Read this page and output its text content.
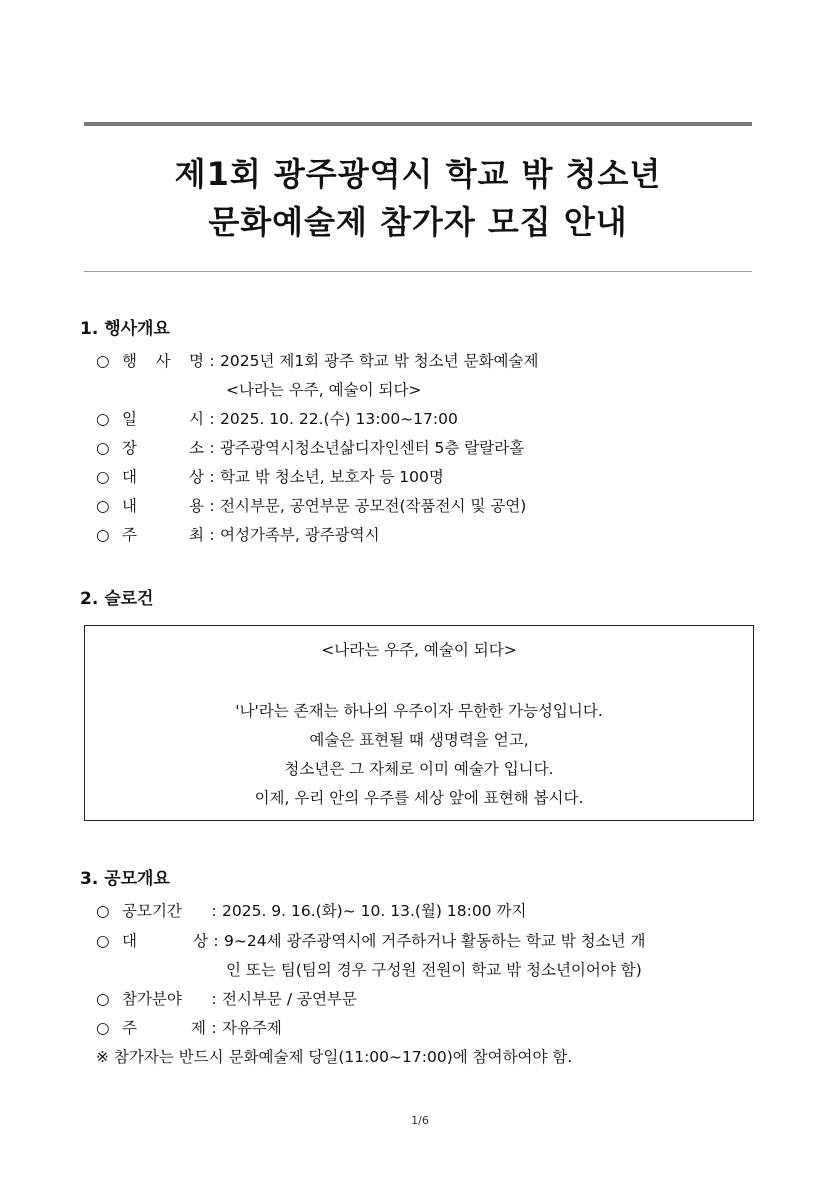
제1회 광주광역시 학교 밖 청소년
문화예술제 참가자 모집 안내
1. 행사개요
○ 행 사 명 : 2025년 제1회 광주 학교 밖 청소년 문화예술제
<나라는 우주, 예술이 되다>
○ 일 시 : 2025. 10. 22.(수) 13:00~17:00
○ 장 소 : 광주광역시청소년삶디자인센터 5층 랄랄라홀
○ 대 상 : 학교 밖 청소년, 보호자 등 100명
○ 내 용 : 전시부문, 공연부문 공모전(작품전시 및 공연)
○ 주 최 : 여성가족부, 광주광역시
2. 슬로건
<나라는 우주, 예술이 되다>
'나'라는 존재는 하나의 우주이자 무한한 가능성입니다.
예술은 표현될 때 생명력을 얻고,
청소년은 그 자체로 이미 예술가 입니다.
이제, 우리 안의 우주를 세상 앞에 표현해 봅시다.
3. 공모개요
○ 공모기간 : 2025. 9. 16.(화)~ 10. 13.(월) 18:00 까지
○ 대 상 : 9~24세 광주광역시에 거주하거나 활동하는 학교 밖 청소년 개
인 또는 팀(팀의 경우 구성원 전원이 학교 밖 청소년이어야 함)
○ 참가분야 : 전시부문 / 공연부문
○ 주 제 : 자유주제
※ 참가자는 반드시 문화예술제 당일(11:00~17:00)에 참여하여야 함.
1/6
